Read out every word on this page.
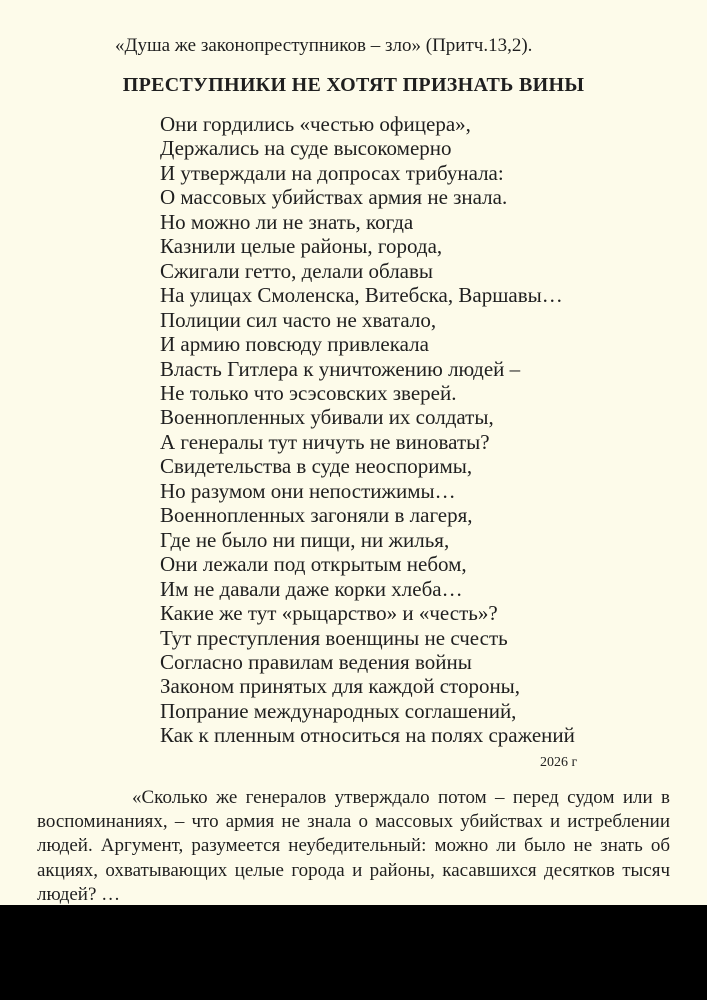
«Душа же законопреступников – зло» (Притч.13,2).
ПРЕСТУПНИКИ НЕ ХОТЯТ ПРИЗНАТЬ ВИНЫ
Они гордились «честью офицера»,
Держались на суде высокомерно
И утверждали на допросах трибунала:
О массовых убийствах армия не знала.
Но можно ли не знать, когда
Казнили целые районы, города,
Сжигали гетто, делали облавы
На улицах Смоленска, Витебска, Варшавы…
Полиции сил часто не хватало,
И армию повсюду привлекала
Власть Гитлера к уничтожению людей –
Не только что эсэсовских зверей.
Военнопленных убивали их солдаты,
А генералы тут ничуть не виноваты?
Свидетельства в суде неоспоримы,
Но разумом они непостижимы…
Военнопленных загоняли в лагеря,
Где не было ни пищи, ни жилья,
Они лежали под открытым небом,
Им не давали даже корки хлеба…
Какие же тут «рыцарство» и «честь»?
Тут преступления военщины не счесть
Согласно правилам ведения войны
Законом принятых для каждой стороны,
Попрание международных соглашений,
Как к пленным относиться на полях сражений
2026 г
«Сколько же генералов утверждало потом – перед судом или в воспоминаниях, – что армия не знала о массовых убийствах и истреблении людей. Аргумент, разумеется неубедительный: можно ли было не знать об акциях, охватывающих целые города и районы, касавшихся десятков тысяч людей? …
